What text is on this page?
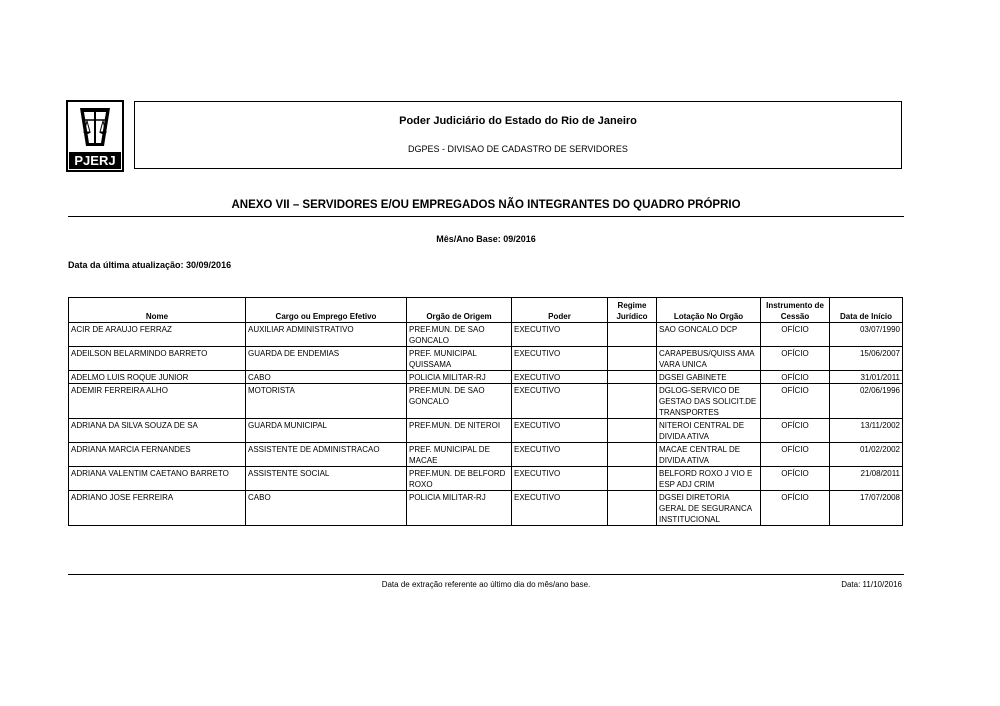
PJERJ
Poder Judiciário do Estado do Rio de Janeiro
DGPES - DIVISAO DE CADASTRO DE SERVIDORES
ANEXO VII – SERVIDORES E/OU EMPREGADOS NÃO INTEGRANTES DO QUADRO PRÓPRIO
Mês/Ano Base: 09/2016
Data da última atualização: 30/09/2016
Nome	Cargo ou Emprego Efetivo	Orgão de Origem	Poder	Regime Jurídico	Lotação No Orgão	Instrumento de Cessão	Data de Início
ACIR DE ARAUJO FERRAZ	AUXILIAR ADMINISTRATIVO	PREF.MUN. DE SAO GONCALO	EXECUTIVO		SAO GONCALO DCP	OFÍCIO	03/07/1990
ADEILSON BELARMINDO BARRETO	GUARDA DE ENDEMIAS	PREF. MUNICIPAL QUISSAMA	EXECUTIVO		CARAPEBUS/QUISS AMA VARA UNICA	OFÍCIO	15/06/2007
ADELMO LUIS ROQUE JUNIOR	CABO	POLICIA MILITAR-RJ	EXECUTIVO		DGSEI GABINETE	OFÍCIO	31/01/2011
ADEMIR FERREIRA ALHO	MOTORISTA	PREF.MUN. DE SAO GONCALO	EXECUTIVO		DGLOG-SERVICO DE GESTAO DAS SOLICIT.DE TRANSPORTES	OFÍCIO	02/06/1996
ADRIANA DA SILVA SOUZA DE SA	GUARDA MUNICIPAL	PREF.MUN. DE NITEROI	EXECUTIVO		NITEROI CENTRAL DE DIVIDA ATIVA	OFÍCIO	13/11/2002
ADRIANA MARCIA FERNANDES	ASSISTENTE DE ADMINISTRACAO	PREF. MUNICIPAL DE MACAE	EXECUTIVO		MACAE CENTRAL DE DIVIDA ATIVA	OFÍCIO	01/02/2002
ADRIANA VALENTIM CAETANO BARRETO	ASSISTENTE SOCIAL	PREF.MUN. DE BELFORD ROXO	EXECUTIVO		BELFORD ROXO J VIO E ESP ADJ CRIM	OFÍCIO	21/08/2011
ADRIANO JOSE FERREIRA	CABO	POLICIA MILITAR-RJ	EXECUTIVO		DGSEI DIRETORIA GERAL DE SEGURANCA INSTITUCIONAL	OFÍCIO	17/07/2008
Data de extração referente ao último dia do mês/ano base.	Data: 11/10/2016
